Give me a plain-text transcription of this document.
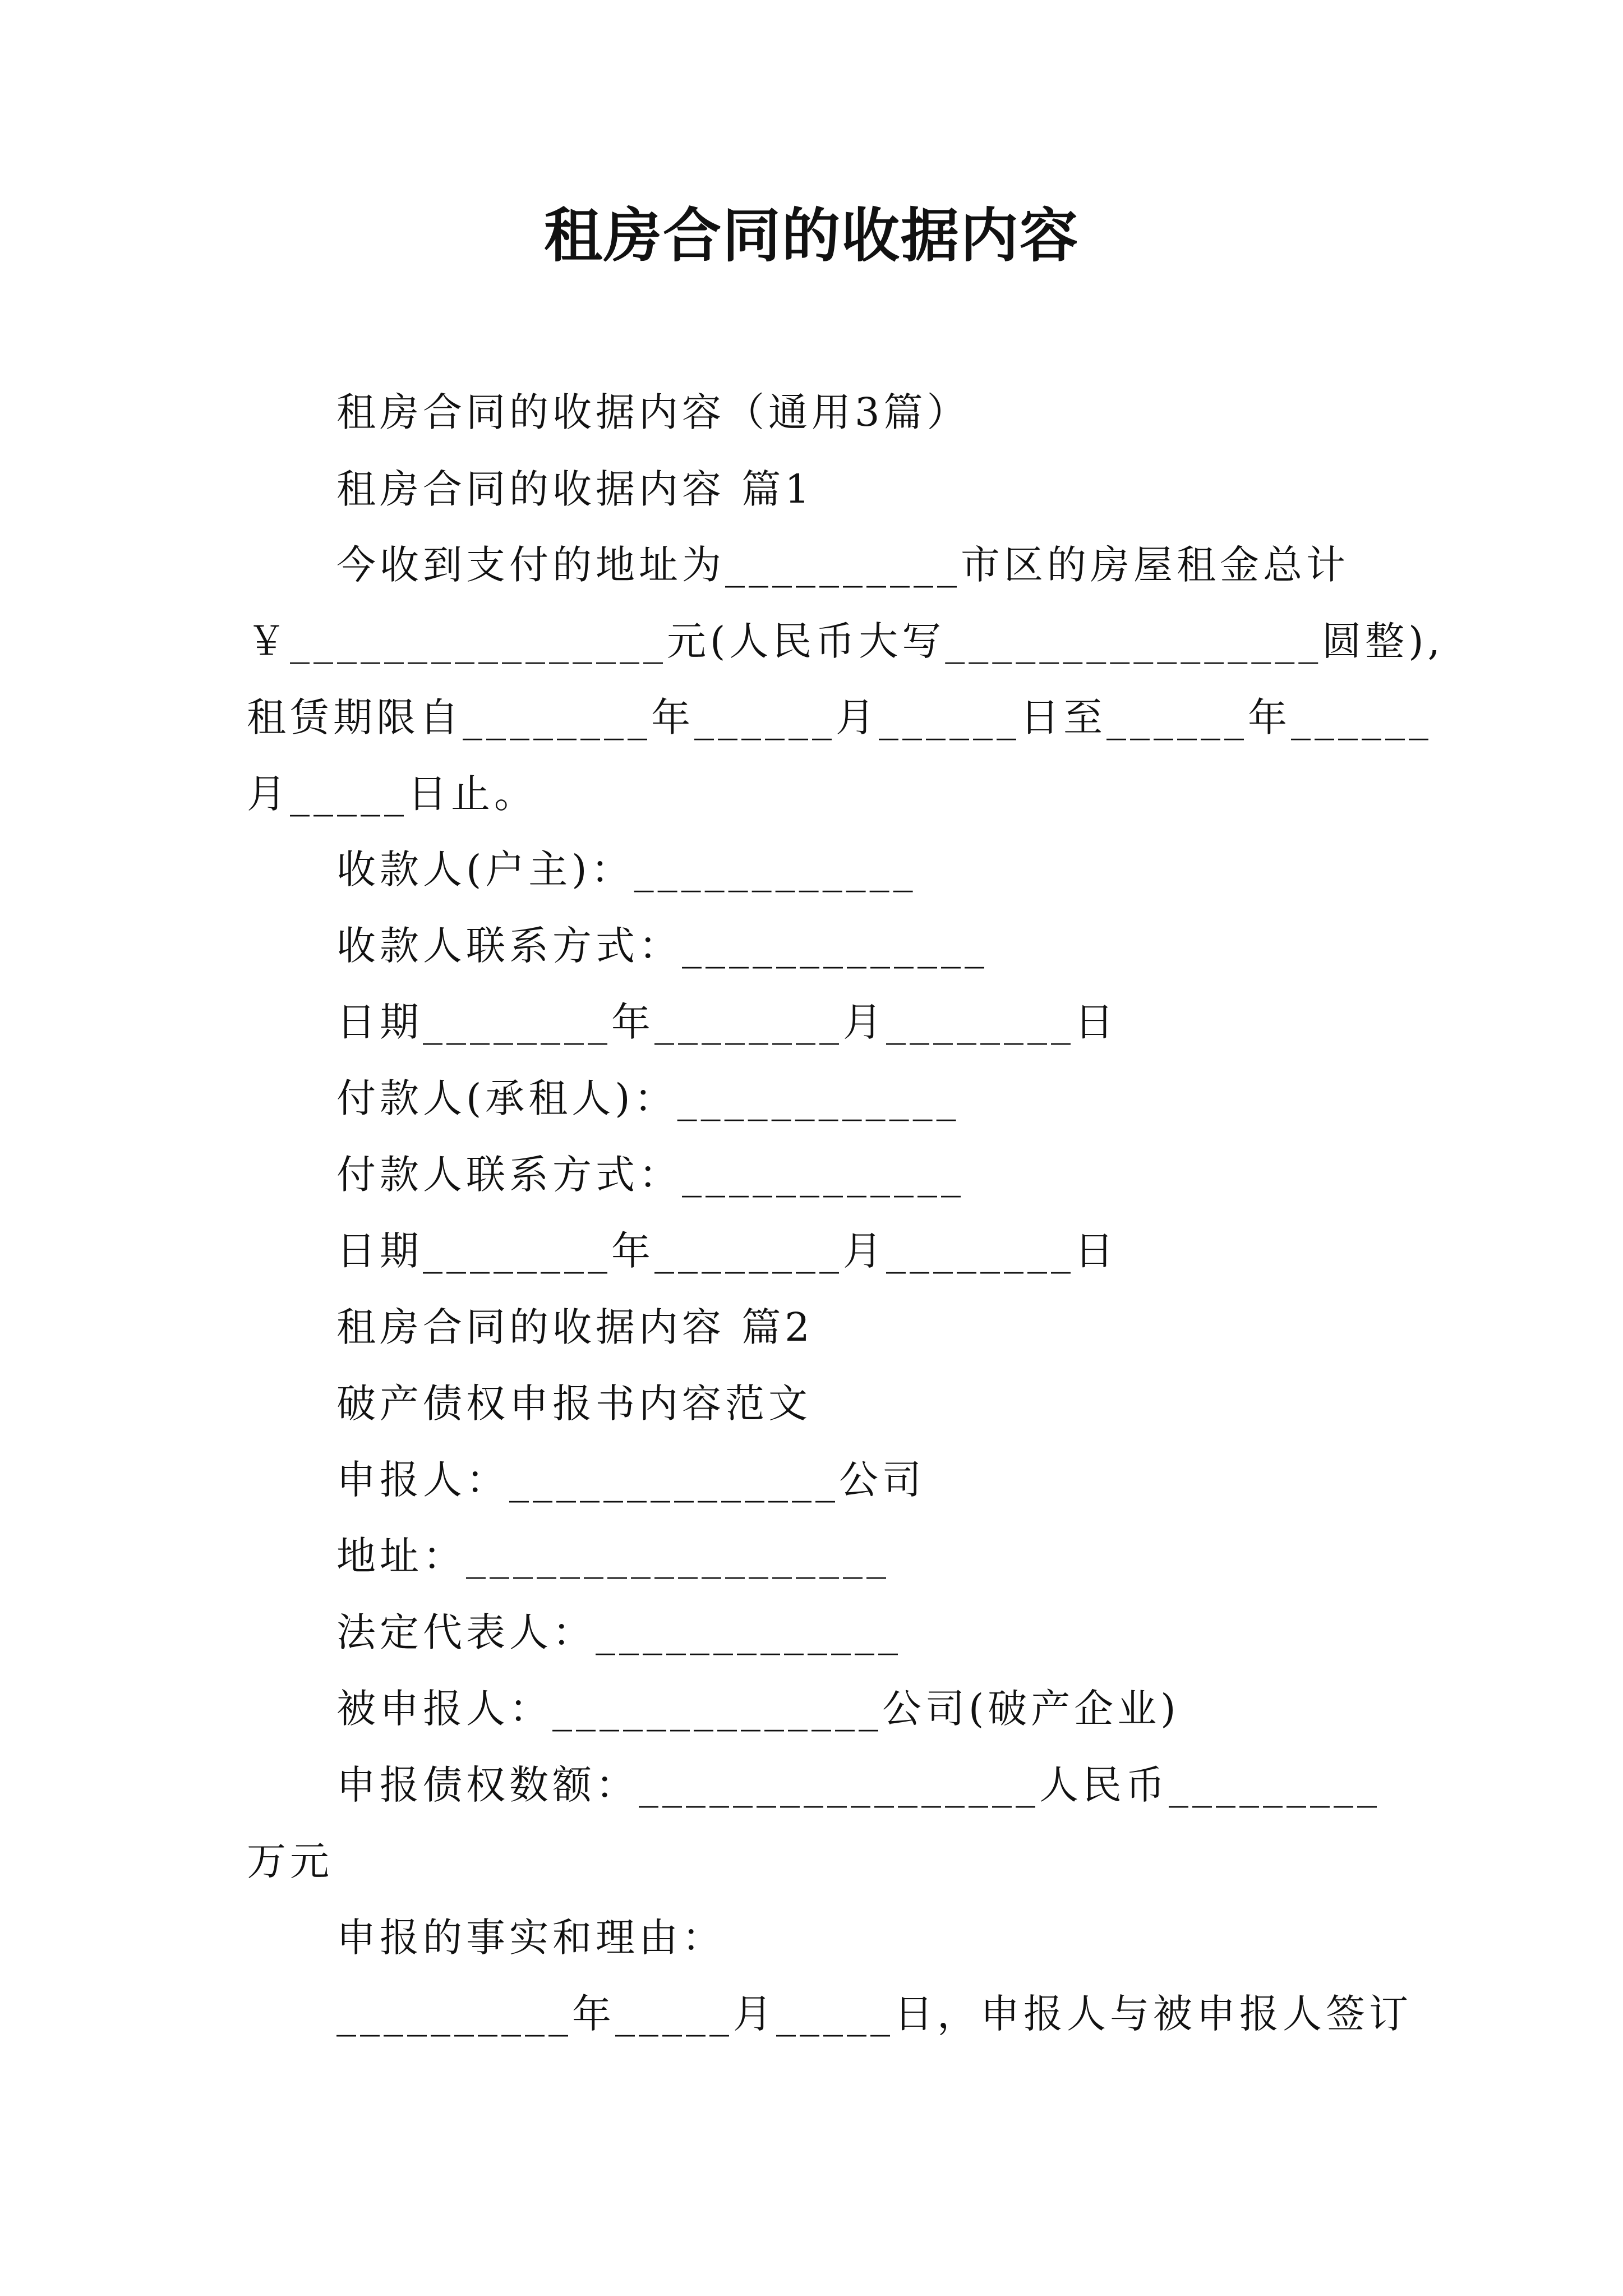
租房合同的收据内容
租房合同的收据内容（通用3篇）
租房合同的收据内容 篇1
今收到支付的地址为__________市区的房屋租金总计
￥________________元(人民币大写________________圆整),
租赁期限自________年______月______日至______年______
月_____日止。
收款人(户主)：____________
收款人联系方式：_____________
日期________年________月________日
付款人(承租人)：____________
付款人联系方式：____________
日期________年________月________日
租房合同的收据内容 篇2
破产债权申报书内容范文
申报人：______________公司
地址：__________________
法定代表人：_____________
被申报人：______________公司(破产企业)
申报债权数额：_________________人民币_________
万元
申报的事实和理由：
__________年_____月_____日，申报人与被申报人签订
